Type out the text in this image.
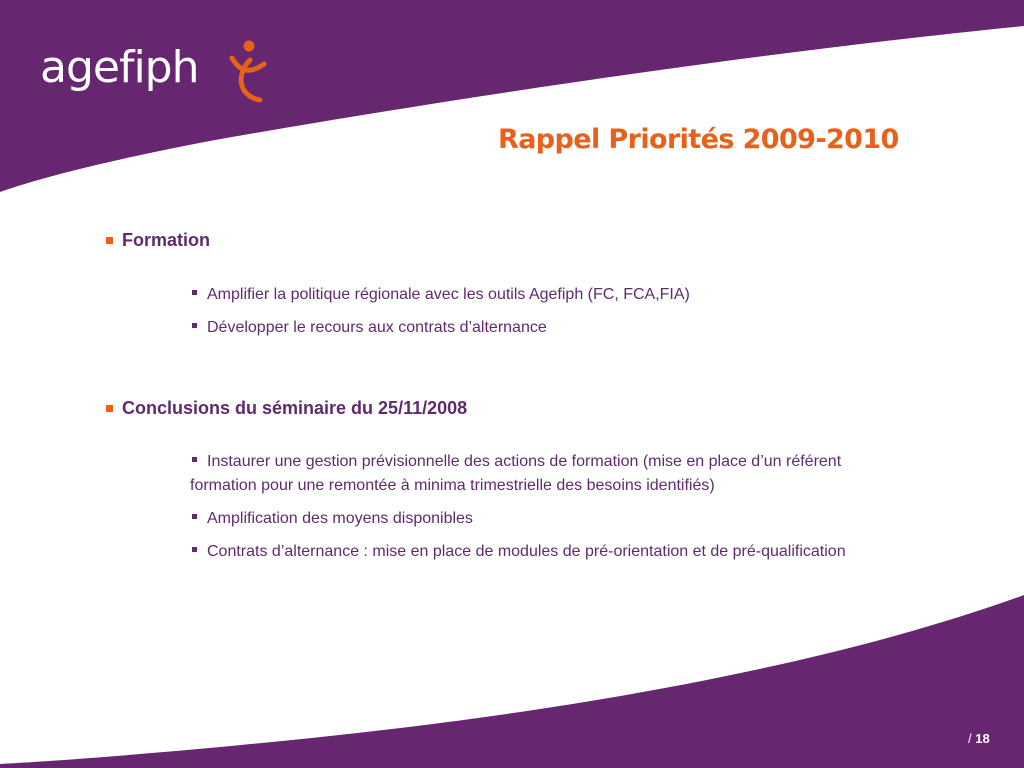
agefiph
Rappel Priorités 2009-2010
Formation
Amplifier la politique régionale avec les outils Agefiph (FC, FCA,FIA)
Développer le recours aux contrats d’alternance
Conclusions du séminaire du 25/11/2008
Instaurer une gestion prévisionnelle des actions de formation (mise en place d’un référent formation pour une remontée à minima trimestrielle des besoins identifiés)
Amplification des moyens disponibles
Contrats d’alternance : mise en place de modules de pré-orientation et de pré-qualification
/ 18
